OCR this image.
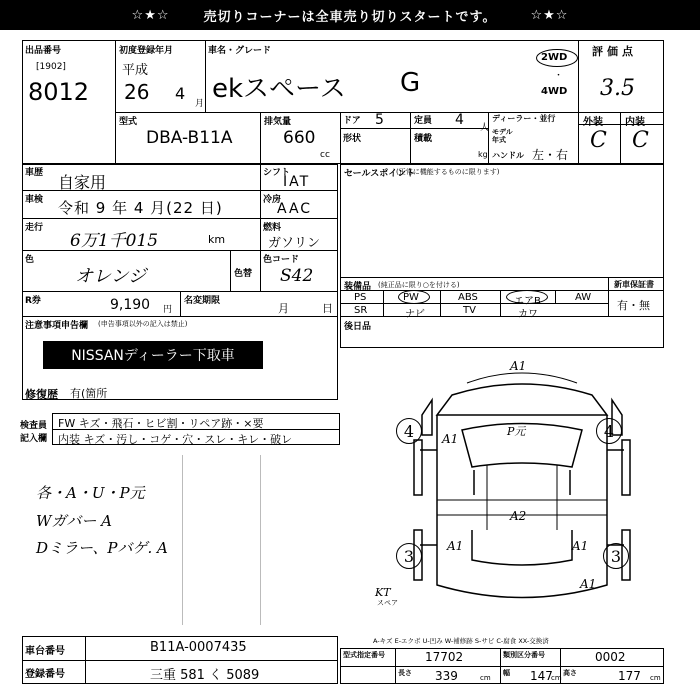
☆★☆	売切りコーナーは全車売り切りスタートです。	☆★☆
出品番号
[1902]
8012
初度登録年月
平成
26 4
月
車名・グレード
ekスペース G
2WD
・
4WD
評価点
3.5
外装 内装
C C
型式
DBA-B11A
排気量
660
cc
ドア 5
形状
定員 4 人
積載
kg
ディーラー・並行
モデル
年式
ハンドル 左・右
車歴 自家用	シフト
IAT
車検 令和 9 年 4 月(22 日)	冷房
AAC
走行
6万1千015	km
燃料
ガソリン
色
オレンジ	色替
色コード
S42
R券	9,190 円
名変期限
月	日
注意事項申告欄 (申告事項以外の記入は禁止)
NISSANディーラー下取車
修復歴 有(箇所
セールスポイント
(正常に機能するものに限ります)
装備品 (純正品に限り○を付ける)	新車保証書
PS	PW	ABS	エアB	AW
SR	ナビ	TV	カワ
有・無
後日品
検査員
記入欄
FW キズ・飛石・ヒビ割・リペア跡・×要
内装 キズ・汚し・コゲ・穴・スレ・キレ・破レ
各・A・U・P元
Wガバー A
Dミラー、Pバゲ. A
A1
P元
A1
A2
A1	A1
A1
スペア
KT
4	4
3	3
A-キズ E-エクボ U-凹み W-補修跡 S-サビ C-腐食 XX-交換済
車台番号	B11A-0007435
登録番号	三重 581 く 5089
型式指定番号	17702	類別区分番号	0002
長さ 339	cm
幅 147
cm
高さ	177 cm
